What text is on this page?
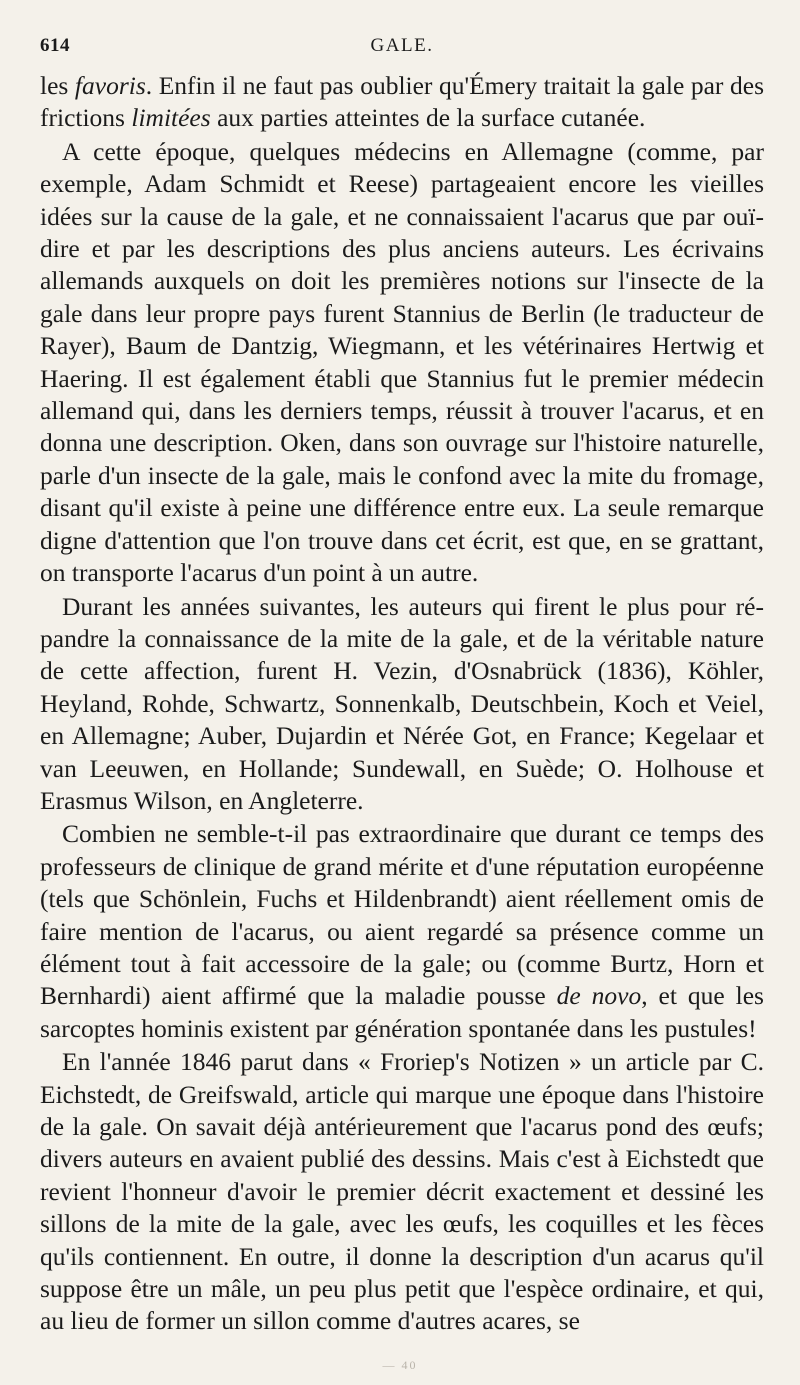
614	GALE.

les favoris. Enfin il ne faut pas oublier qu'Émery traitait la gale par des frictions limitées aux parties atteintes de la surface cutanée.

A cette époque, quelques médecins en Allemagne (comme, par exemple, Adam Schmidt et Reese) partageaient encore les vieilles idées sur la cause de la gale, et ne connaissaient l'acarus que par ouï-dire et par les descriptions des plus anciens auteurs. Les écrivains allemands auxquels on doit les premières notions sur l'insecte de la gale dans leur propre pays furent Stannius de Berlin (le traducteur de Rayer), Baum de Dantzig, Wiegmann, et les vétérinaires Hertwig et Haering. Il est également établi que Stannius fut le premier médecin allemand qui, dans les derniers temps, réussit à trouver l'acarus, et en donna une description. Oken, dans son ouvrage sur l'histoire naturelle, parle d'un insecte de la gale, mais le confond avec la mite du fromage, disant qu'il existe à peine une différence entre eux. La seule remarque digne d'attention que l'on trouve dans cet écrit, est que, en se grattant, on transporte l'acarus d'un point à un autre.

Durant les années suivantes, les auteurs qui firent le plus pour répandre la connaissance de la mite de la gale, et de la véritable nature de cette affection, furent H. Vezin, d'Osnabrück (1836), Köhler, Heyland, Rohde, Schwartz, Sonnenkalb, Deutschbein, Koch et Veiel, en Allemagne; Auber, Dujardin et Nérée Got, en France; Kegelaar et van Leeuwen, en Hollande; Sundewall, en Suède; O. Holhouse et Erasmus Wilson, en Angleterre.

Combien ne semble-t-il pas extraordinaire que durant ce temps des professeurs de clinique de grand mérite et d'une réputation européenne (tels que Schönlein, Fuchs et Hildenbrandt) aient réellement omis de faire mention de l'acarus, ou aient regardé sa présence comme un élément tout à fait accessoire de la gale; ou (comme Burtz, Horn et Bernhardi) aient affirmé que la maladie pousse de novo, et que les sarcoptes hominis existent par génération spontanée dans les pustules!

En l'année 1846 parut dans « Froriep's Notizen » un article par C. Eichstedt, de Greifswald, article qui marque une époque dans l'histoire de la gale. On savait déjà antérieurement que l'acarus pond des œufs; divers auteurs en avaient publié des dessins. Mais c'est à Eichstedt que revient l'honneur d'avoir le premier décrit exactement et dessiné les sillons de la mite de la gale, avec les œufs, les coquilles et les fèces qu'ils contiennent. En outre, il donne la description d'un acarus qu'il suppose être un mâle, un peu plus petit que l'espèce ordinaire, et qui, au lieu de former un sillon comme d'autres acares, se

— 40
